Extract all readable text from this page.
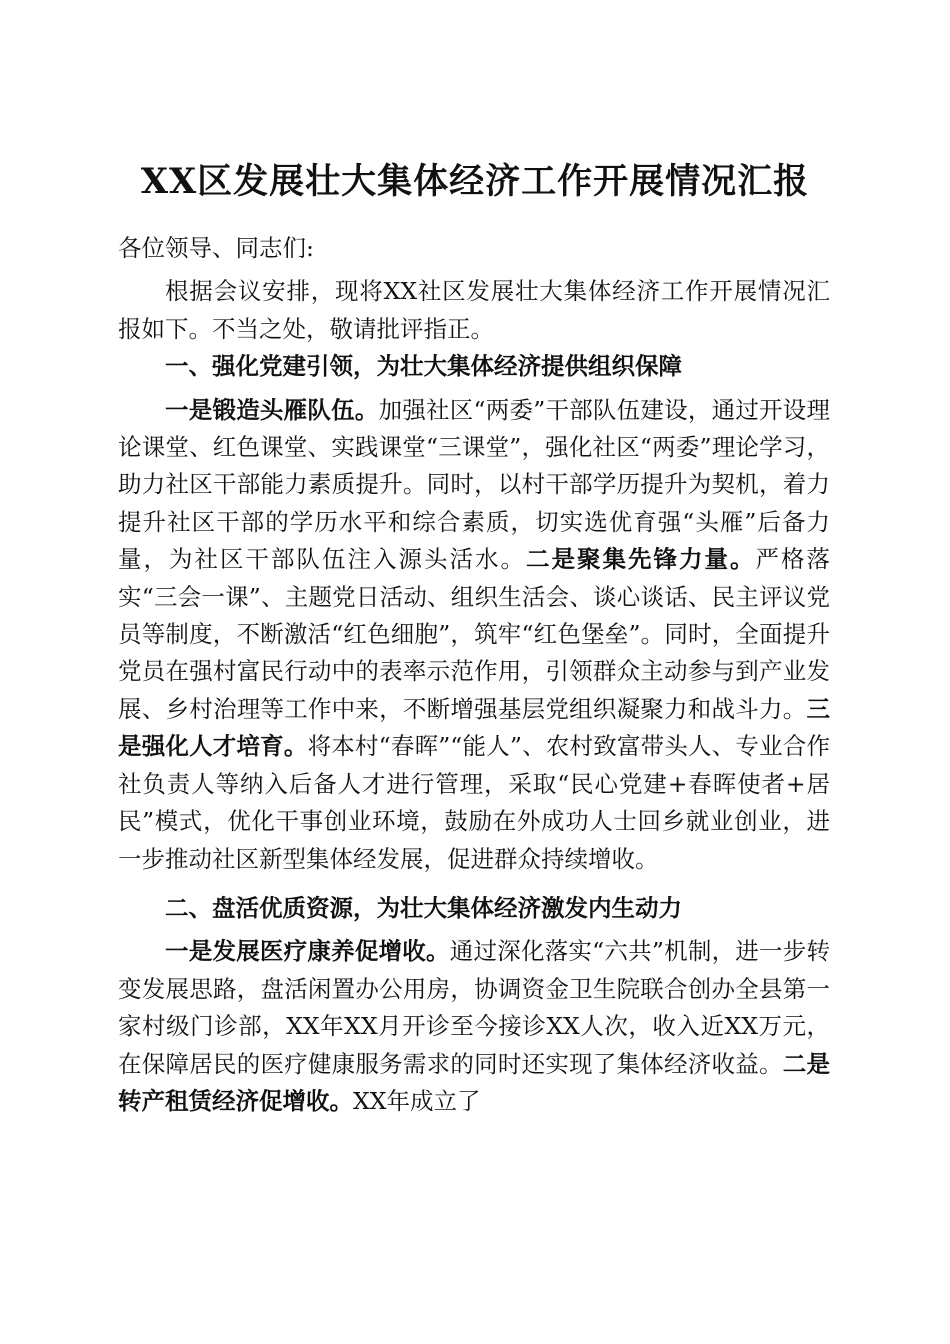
XX区发展壮大集体经济工作开展情况汇报

各位领导、同志们:

根据会议安排，现将XX社区发展壮大集体经济工作开展情况汇报如下。不当之处，敬请批评指正。

一、强化党建引领，为壮大集体经济提供组织保障

一是锻造头雁队伍。加强社区“两委”干部队伍建设，通过开设理论课堂、红色课堂、实践课堂“三课堂”，强化社区“两委”理论学习，助力社区干部能力素质提升。同时，以村干部学历提升为契机，着力提升社区干部的学历水平和综合素质，切实选优育强“头雁”后备力量，为社区干部队伍注入源头活水。二是聚集先锋力量。严格落实“三会一课”、主题党日活动、组织生活会、谈心谈话、民主评议党员等制度，不断激活“红色细胞”，筑牢“红色堡垒”。同时，全面提升党员在强村富民行动中的表率示范作用，引领群众主动参与到产业发展、乡村治理等工作中来，不断增强基层党组织凝聚力和战斗力。三是强化人才培育。将本村“春晖”“能人”、农村致富带头人、专业合作社负责人等纳入后备人才进行管理，采取“民心党建+春晖使者+居民”模式，优化干事创业环境，鼓励在外成功人士回乡就业创业，进一步推动社区新型集体经发展，促进群众持续增收。

二、盘活优质资源，为壮大集体经济激发内生动力

一是发展医疗康养促增收。通过深化落实“六共”机制，进一步转变发展思路，盘活闲置办公用房，协调资金卫生院联合创办全县第一家村级门诊部，XX年XX月开诊至今接诊XX人次，收入近XX万元，在保障居民的医疗健康服务需求的同时还实现了集体经济收益。二是转产租赁经济促增收。XX年成立了
